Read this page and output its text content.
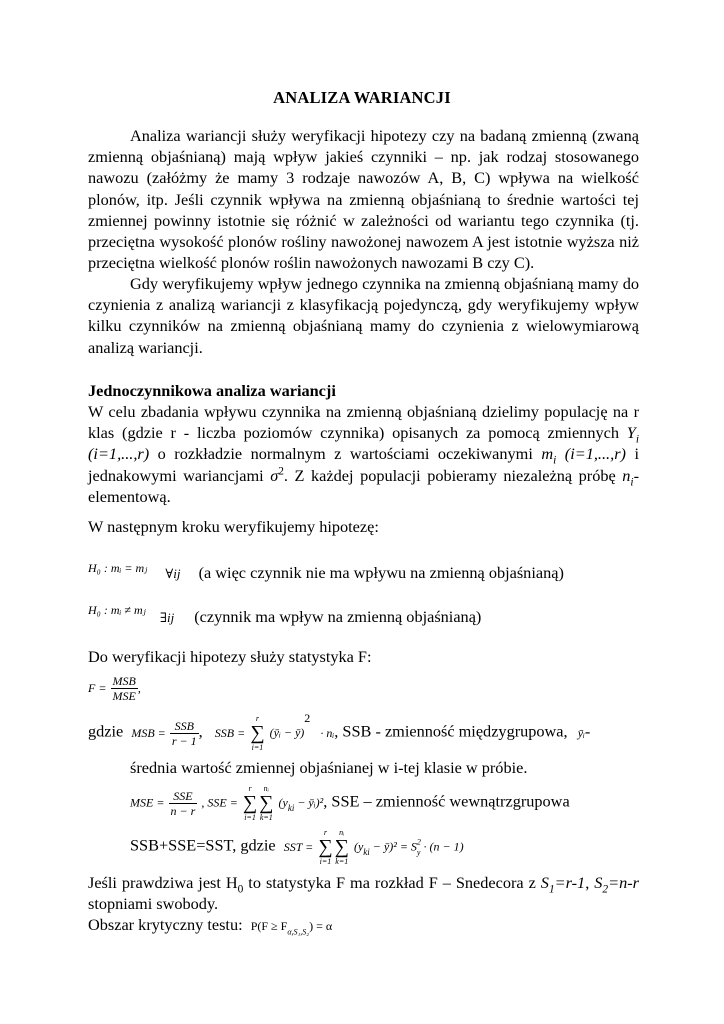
ANALIZA WARIANCJI

Analiza wariancji służy weryfikacji hipotezy czy na badaną zmienną (zwaną zmienną objaśnianą) mają wpływ jakieś czynniki – np. jak rodzaj stosowanego nawozu (załóżmy że mamy 3 rodzaje nawozów A, B, C) wpływa na wielkość plonów, itp. Jeśli czynnik wpływa na zmienną objaśnianą to średnie wartości tej zmiennej powinny istotnie się różnić w zależności od wariantu tego czynnika (tj. przeciętna wysokość plonów rośliny nawożonej nawozem A jest istotnie wyższa niż przeciętna wielkość plonów roślin nawożonych nawozami B czy C).

Gdy weryfikujemy wpływ jednego czynnika na zmienną objaśnianą mamy do czynienia z analizą wariancji z klasyfikacją pojedynczą, gdy weryfikujemy wpływ kilku czynników na zmienną objaśnianą mamy do czynienia z wielowymiarową analizą wariancji.

Jednoczynnikowa analiza wariancji

W celu zbadania wpływu czynnika na zmienną objaśnianą dzielimy populację na r klas (gdzie r - liczba poziomów czynnika) opisanych za pomocą zmiennych $Y_i$ (i=1,...,r) o rozkładzie normalnym z wartościami oczekiwanymi $m_i$ (i=1,...,r) i jednakowymi wariancjami $\sigma^2$. Z każdej populacji pobieramy niezależną próbę $n_i$-elementową.

W następnym kroku weryfikujemy hipotezę:
H₀ : mᵢ = mⱼ $_{\forall ij}$ (a więc czynnik nie ma wpływu na zmienną objaśnianą)
H₀ : mᵢ ≠ mⱼ $_{\exists ij}$ (czynnik ma wpływ na zmienną objaśnianą)
Do weryfikacji hipotezy służy statystyka F:
$F = \frac{\text{MSB}}{\text{MSE}}$ ,
gdzie MSB = $\frac{\text{SSB}}{r - 1}$ , SSB =
r
∑
i=1
(ȳᵢ − ȳ)$^2$ · nᵢ, SSB - zmienność międzygrupowa, ȳᵢ-
średnia wartość zmiennej objaśnianej w i-tej klasie w próbie.
MSE = $\frac{\text{SSE}}{n - r}$ , SSE =
r
∑
i=1
nᵢ
∑
k=1
($y_{ki}$ − ȳᵢ)², SSE – zmienność wewnątrzgrupowa
SSB+SSE=SST, gdzie SST =
r
∑
i=1
nᵢ
∑
k=1
($y_{ki}$ − ȳ)² = $S^2_y \cdot (n - 1)$

Jeśli prawdziwa jest $H_0$ to statystyka F ma rozkład F – Snedecora z $S_1=r-1$, $S_2=n-r$ stopniami swobody.

Obszar krytyczny testu: $P(F \ge F_{\alpha,S_1,S_2}) = \alpha$
